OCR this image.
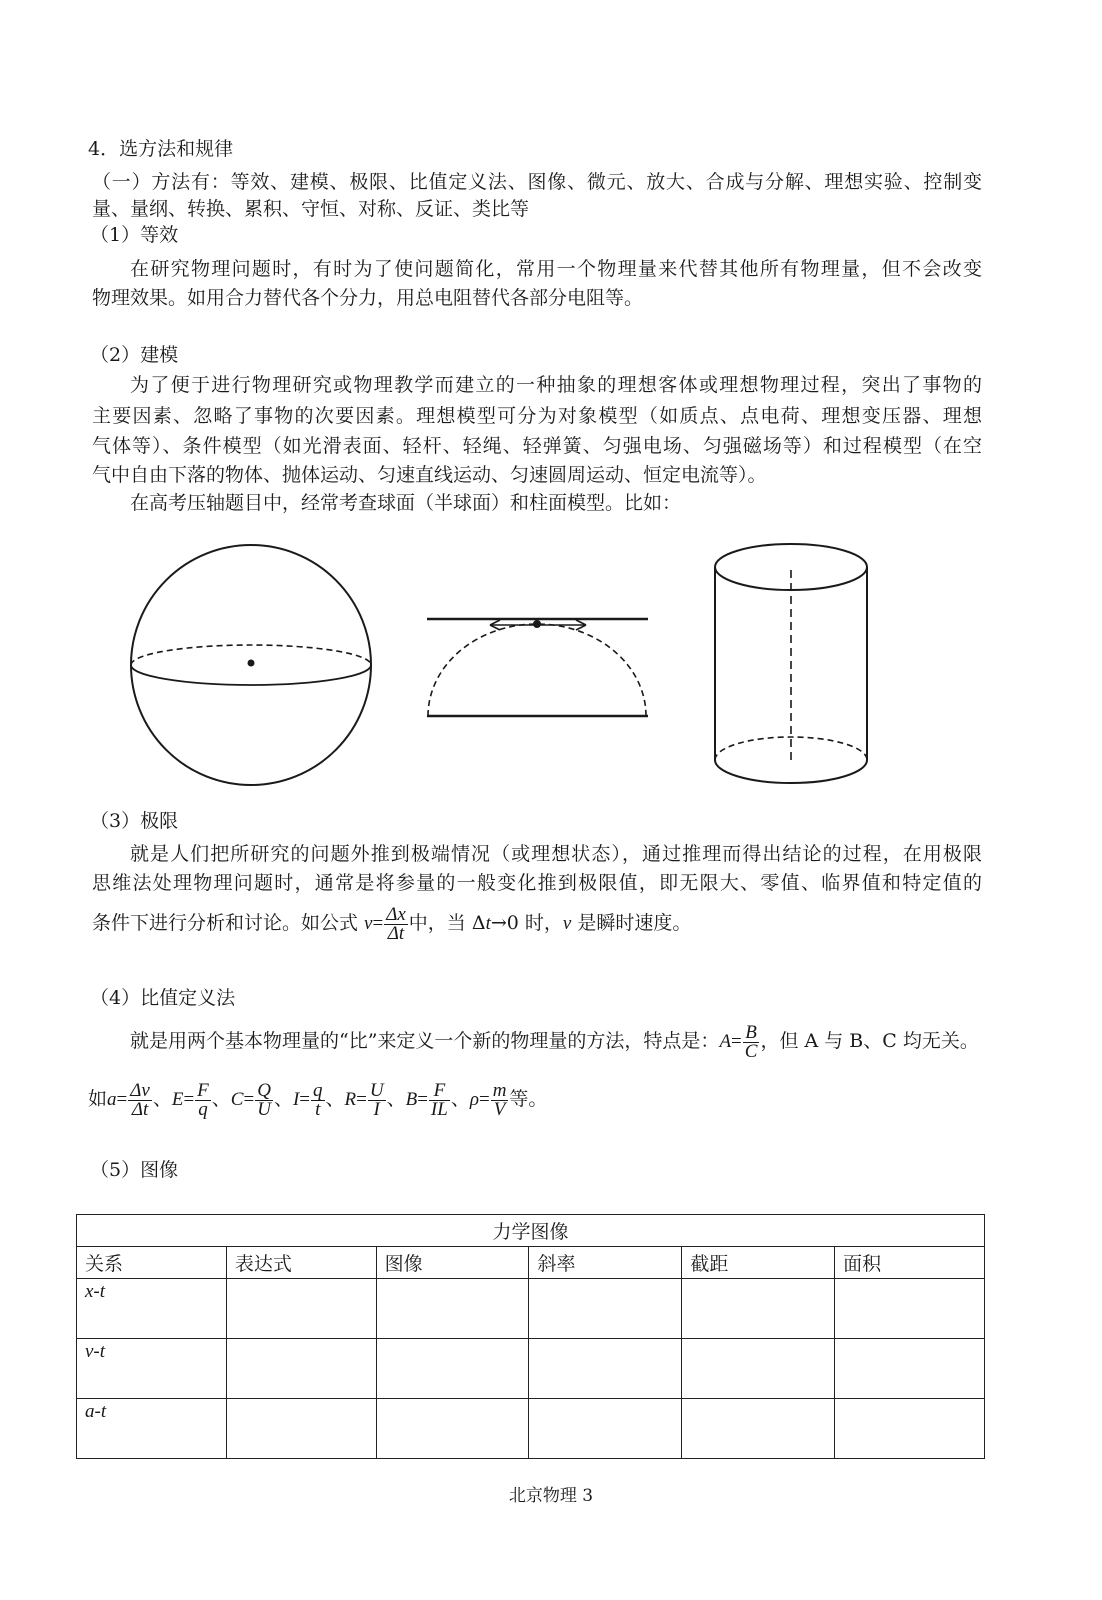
4．选方法和规律
（一）方法有：等效、建模、极限、比值定义法、图像、微元、放大、合成与分解、理想实验、控制变
量、量纲、转换、累积、守恒、对称、反证、类比等
（1）等效
在研究物理问题时，有时为了使问题简化，常用一个物理量来代替其他所有物理量，但不会改变
物理效果。如用合力替代各个分力，用总电阻替代各部分电阻等。
（2）建模
为了便于进行物理研究或物理教学而建立的一种抽象的理想客体或理想物理过程，突出了事物的
主要因素、忽略了事物的次要因素。理想模型可分为对象模型（如质点、点电荷、理想变压器、理想
气体等）、条件模型（如光滑表面、轻杆、轻绳、轻弹簧、匀强电场、匀强磁场等）和过程模型（在空
气中自由下落的物体、抛体运动、匀速直线运动、匀速圆周运动、恒定电流等）。
在高考压轴题目中，经常考查球面（半球面）和柱面模型。比如：
（3）极限
就是人们把所研究的问题外推到极端情况（或理想状态），通过推理而得出结论的过程，在用极限
思维法处理物理问题时，通常是将参量的一般变化推到极限值，即无限大、零值、临界值和特定值的
条件下进行分析和讨论。如公式 $v= \frac{\Delta x}{\Delta t}$ 中，当 Δt→0 时，v 是瞬时速度。
（4）比值定义法
就是用两个基本物理量的“比”来定义一个新的物理量的方法，特点是：$A= \frac{B}{C}$ ，但 A 与 B、C 均无关。
如$a= \frac{\Delta v}{\Delta t}$ 、$E= \frac{F}{q}$ 、$C= \frac{Q}{U}$ 、$I= \frac{q}{t}$ 、$R= \frac{U}{I}$ 、$B= \frac{F}{IL}$ 、$\rho= \frac{m}{V}$ 等。
（5）图像
力学图像					
关系	表达式	图像	斜率	截距	面积
x-t					
v-t					
a-t					
北京物理 3
